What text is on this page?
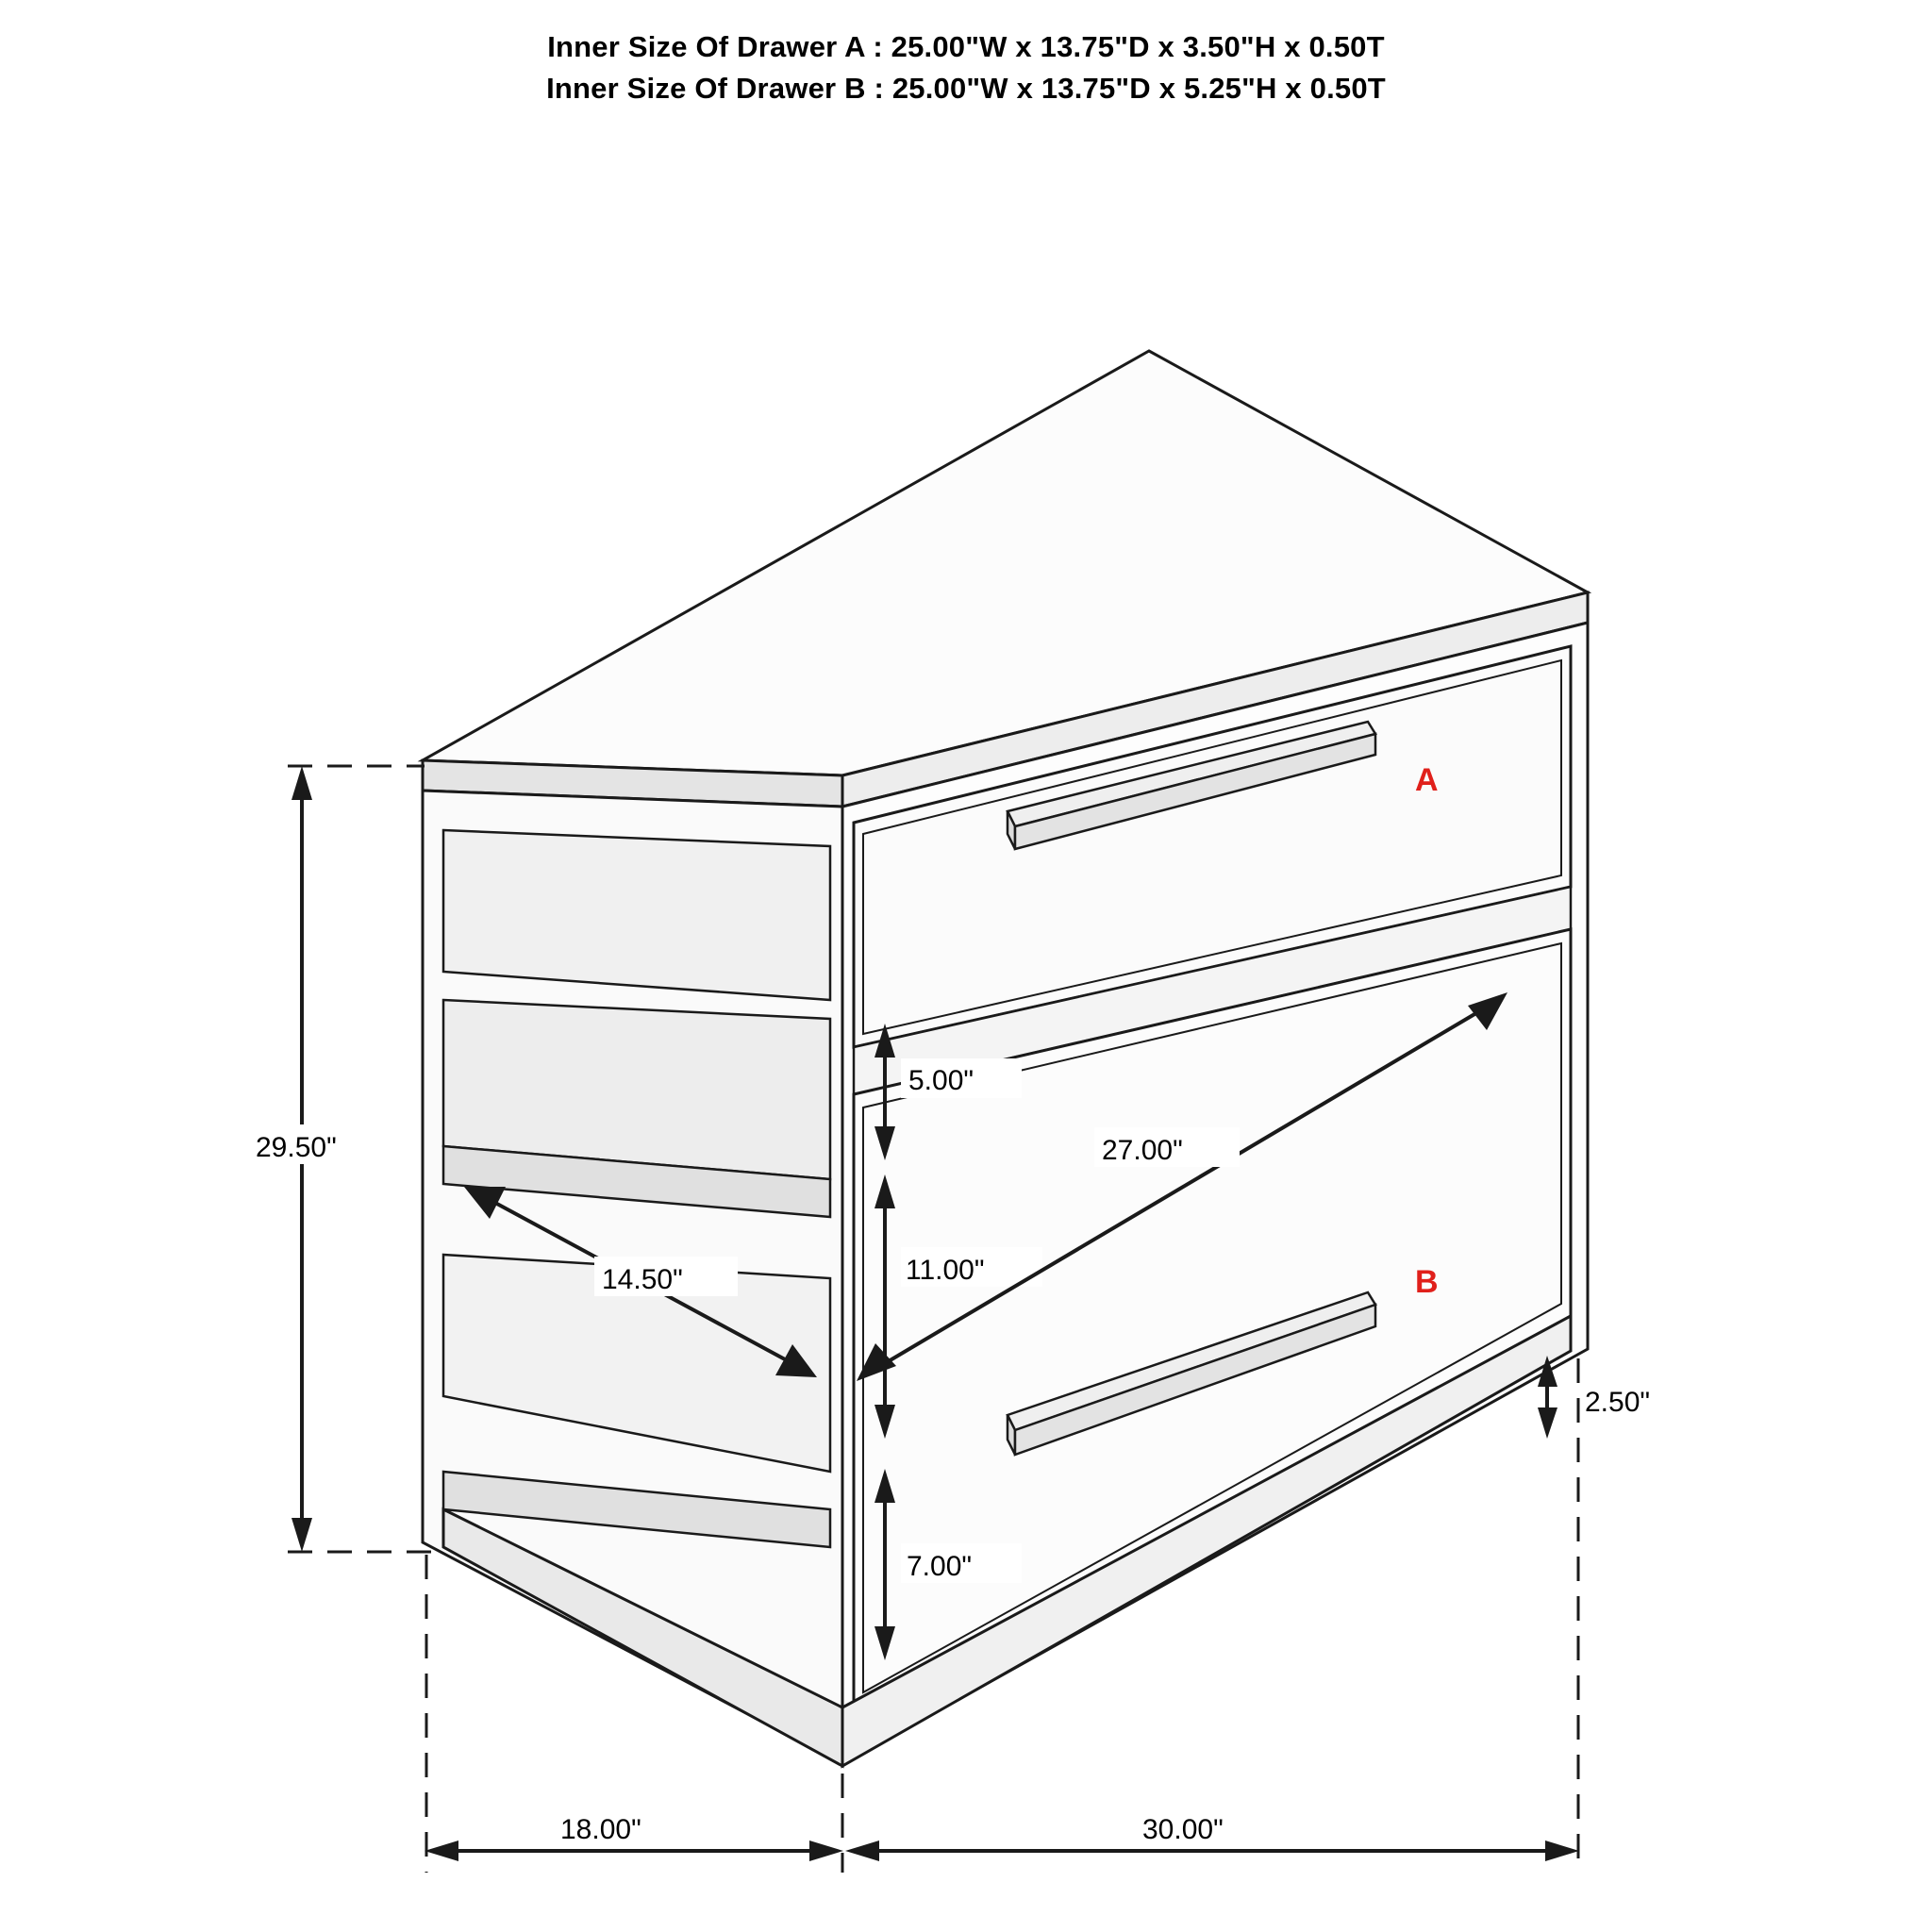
Inner Size Of Drawer A : 25.00"W x 13.75"D x 3.50"H x 0.50T
Inner Size Of Drawer B : 25.00"W x 13.75"D x 5.25"H x 0.50T
29.50"
5.00"
11.00"
7.00"
2.50"
14.50"
27.00"
18.00"	30.00"
A
B
